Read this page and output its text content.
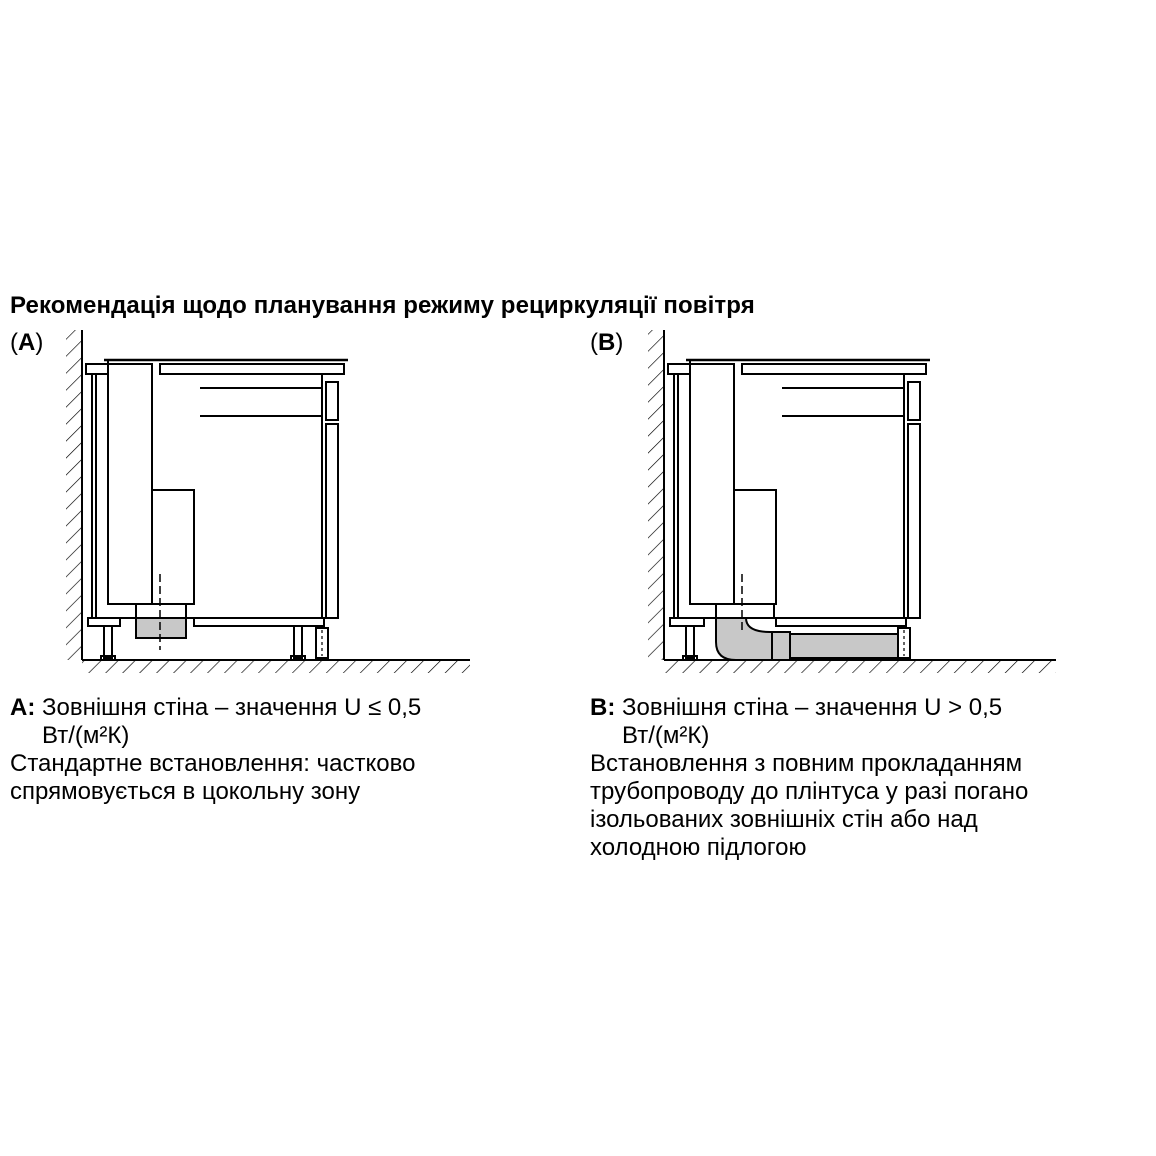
Рекомендація щодо планування режиму рециркуляції повітря
(A)	(B)
A: Зовнішня стіна – значення U ≤ 0,5
Вт/(м²К)
Стандартне встановлення: частково
спрямовується в цокольну зону
B: Зовнішня стіна – значення U > 0,5
Вт/(м²К)
Встановлення з повним прокладанням
трубопроводу до плінтуса у разі погано
ізольованих зовнішніх стін або над
холодною підлогою
